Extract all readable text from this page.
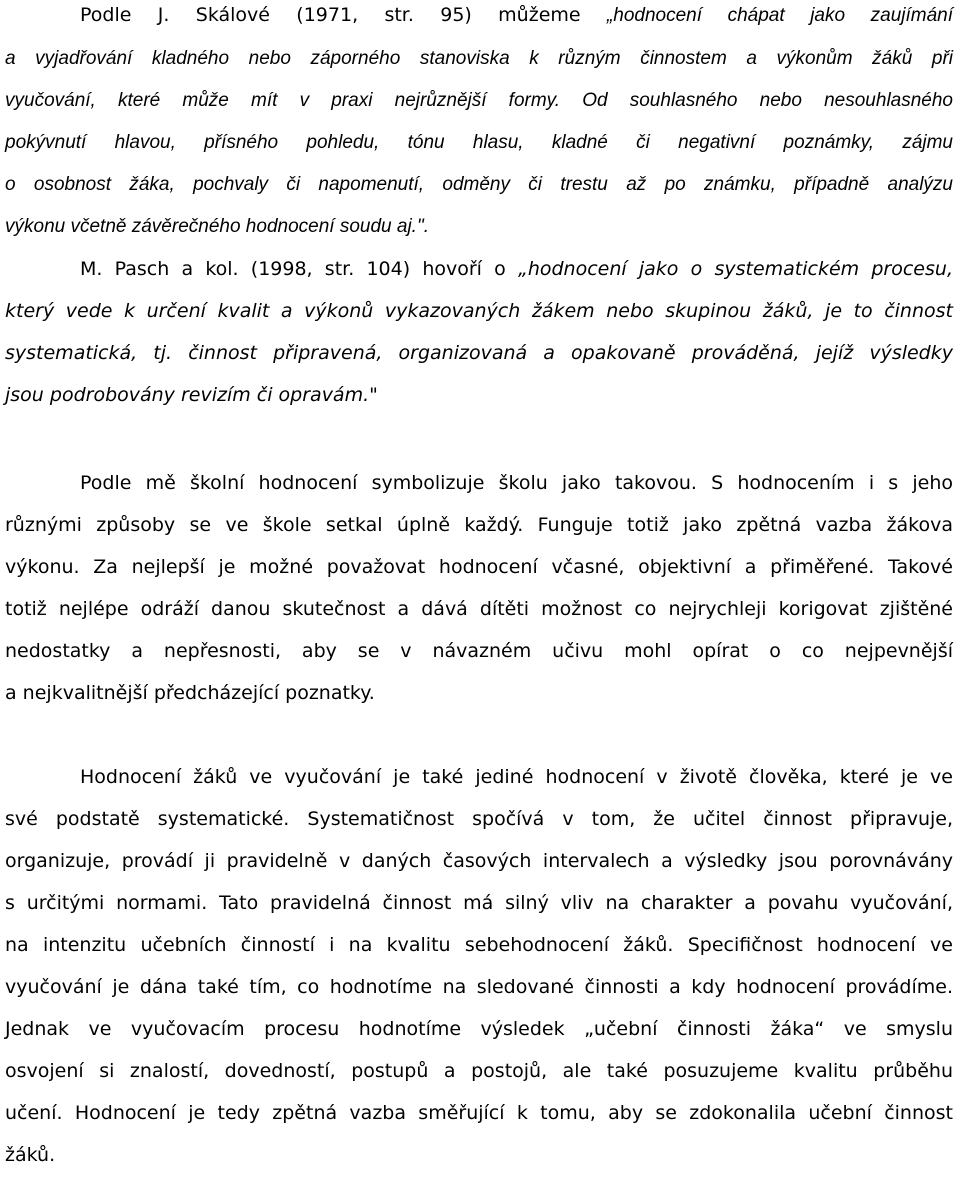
Podle J. Skálové (1971, str. 95) můžeme „hodnocení chápat jako zaujímání
a vyjadřování kladného nebo záporného stanoviska k různým činnostem a výkonům žáků při
vyučování, které může mít v praxi nejrůznější formy. Od souhlasného nebo nesouhlasného
pokývnutí hlavou, přísného pohledu, tónu hlasu, kladné či negativní poznámky, zájmu
o osobnost žáka, pochvaly či napomenutí, odměny či trestu až po známku, případně analýzu
výkonu včetně závěrečného hodnocení soudu aj.".
M. Pasch a kol. (1998, str. 104) hovoří o „hodnocení jako o systematickém procesu,
který vede k určení kvalit a výkonů vykazovaných žákem nebo skupinou žáků, je to činnost
systematická, tj. činnost připravená, organizovaná a opakovaně prováděná, jejíž výsledky
jsou podrobovány revizím či opravám."
Podle mě školní hodnocení symbolizuje školu jako takovou. S hodnocením i s jeho
různými způsoby se ve škole setkal úplně každý. Funguje totiž jako zpětná vazba žákova
výkonu. Za nejlepší je možné považovat hodnocení včasné, objektivní a přiměřené. Takové
totiž nejlépe odráží danou skutečnost a dává dítěti možnost co nejrychleji korigovat zjištěné
nedostatky a nepřesnosti, aby se v návazném učivu mohl opírat o co nejpevnější
a nejkvalitnější předcházející poznatky.
Hodnocení žáků ve vyučování je také jediné hodnocení v životě člověka, které je ve
své podstatě systematické. Systematičnost spočívá v tom, že učitel činnost připravuje,
organizuje, provádí ji pravidelně v daných časových intervalech a výsledky jsou porovnávány
s určitými normami. Tato pravidelná činnost má silný vliv na charakter a povahu vyučování,
na intenzitu učebních činností i na kvalitu sebehodnocení žáků. Specifičnost hodnocení ve
vyučování je dána také tím, co hodnotíme na sledované činnosti a kdy hodnocení provádíme.
Jednak ve vyučovacím procesu hodnotíme výsledek „učební činnosti žáka“ ve smyslu
osvojení si znalostí, dovedností, postupů a postojů, ale také posuzujeme kvalitu průběhu
učení. Hodnocení je tedy zpětná vazba směřující k tomu, aby se zdokonalila učební činnost
žáků.
